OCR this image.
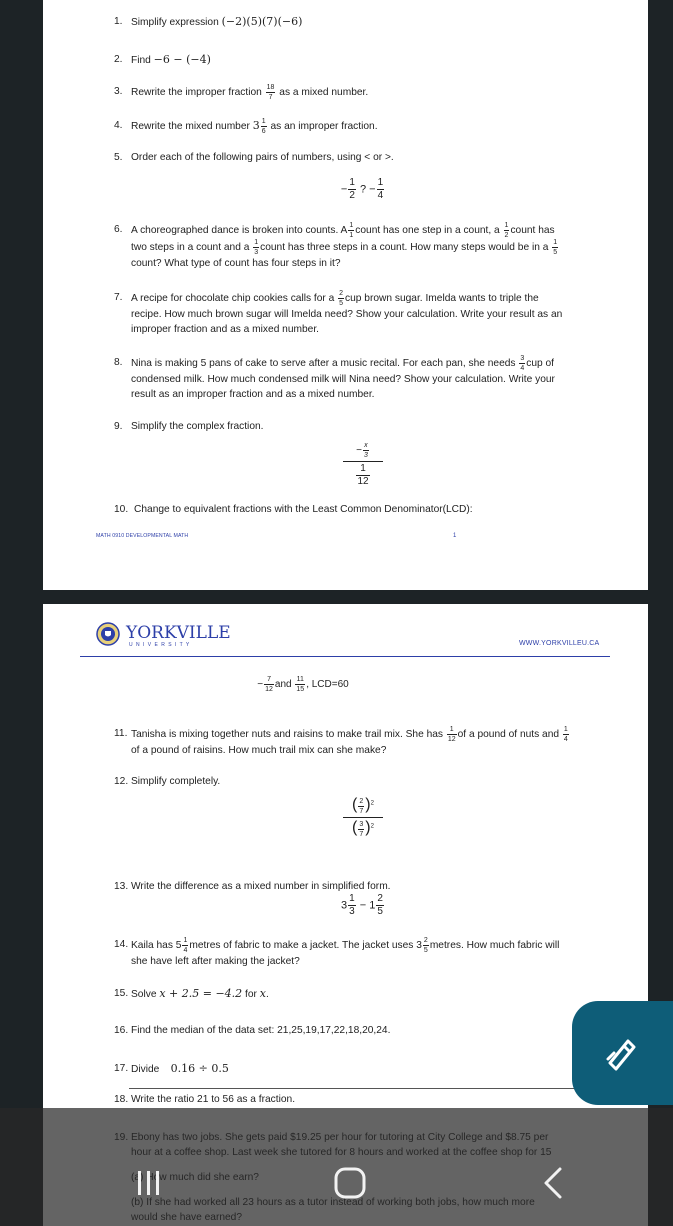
1. Simplify expression (−2)(5)(7)(−6)
2. Find −6 − (−4)
3. Rewrite the improper fraction $\frac{18}{7}$ as a mixed number.
4. Rewrite the mixed number $3 \frac{1}{6}$ as an improper fraction.
5. Order each of the following pairs of numbers, using < or >.
− $\frac{1}{2}$ ? − $\frac{1}{4}$
6. A choreographed dance is broken into counts. A $\frac{1}{1}$ count has one step in a count, a $\frac{1}{2}$ count has
two steps in a count and a $\frac{1}{3}$ count has three steps in a count. How many steps would be in a $\frac{1}{5}$
count? What type of count has four steps in it?
7. A recipe for chocolate chip cookies calls for a $\frac{2}{5}$ cup brown sugar. Imelda wants to triple the
recipe. How much brown sugar will Imelda need? Show your calculation. Write your result as an
improper fraction and as a mixed number.
8. Nina is making 5 pans of cake to serve after a music recital. For each pan, she needs $\frac{3}{4}$ cup of
condensed milk. How much condensed milk will Nina need? Show your calculation. Write your
result as an improper fraction and as a mixed number.
9. Simplify the complex fraction.
− $\frac{x}{3}$
$\frac{1}{12}$
10. Change to equivalent fractions with the Least Common Denominator(LCD):
MATH 0910 DEVELOPMENTAL MATH	1
YORKVILLE
U N I V E R S I T Y	WWW.YORKVILLEU.CA
− $\frac{7}{12}$ and $\frac{11}{15}$ , LCD=60
11. Tanisha is mixing together nuts and raisins to make trail mix. She has $\frac{1}{12}$ of a pound of nuts and $\frac{1}{4}$
of a pound of raisins. How much trail mix can she make?
12. Simplify completely.
( $\frac{2}{7} )^2$
( $\frac{3}{7} )^2$
13. Write the difference as a mixed number in simplified form.
$3 \frac{1}{3} - 1 \frac{2}{5}$
14. Kaila has $5 \frac{1}{4}$ metres of fabric to make a jacket. The jacket uses $3 \frac{2}{5}$ metres. How much fabric will
she have left after making the jacket?
15. Solve x + 2.5 = −4.2 for x.
16. Find the median of the data set: 21,25,19,17,22,18,20,24.
17. Divide 0.16 ÷ 0.5
18. Write the ratio 21 to 56 as a fraction.
